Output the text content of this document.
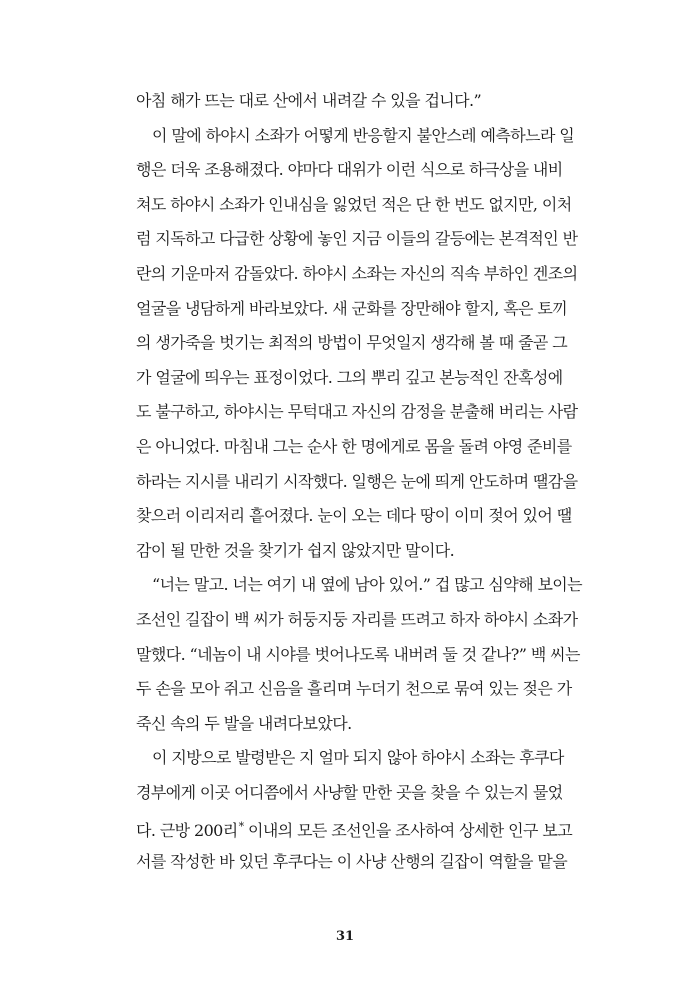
아침 해가 뜨는 대로 산에서 내려갈 수 있을 겁니다.”
이 말에 하야시 소좌가 어떻게 반응할지 불안스레 예측하느라 일
행은 더욱 조용해졌다. 야마다 대위가 이런 식으로 하극상을 내비
쳐도 하야시 소좌가 인내심을 잃었던 적은 단 한 번도 없지만, 이처
럼 지독하고 다급한 상황에 놓인 지금 이들의 갈등에는 본격적인 반
란의 기운마저 감돌았다. 하야시 소좌는 자신의 직속 부하인 겐조의
얼굴을 냉담하게 바라보았다. 새 군화를 장만해야 할지, 혹은 토끼
의 생가죽을 벗기는 최적의 방법이 무엇일지 생각해 볼 때 줄곧 그
가 얼굴에 띄우는 표정이었다. 그의 뿌리 깊고 본능적인 잔혹성에
도 불구하고, 하야시는 무턱대고 자신의 감정을 분출해 버리는 사람
은 아니었다. 마침내 그는 순사 한 명에게로 몸을 돌려 야영 준비를
하라는 지시를 내리기 시작했다. 일행은 눈에 띄게 안도하며 땔감을
찾으러 이리저리 흩어졌다. 눈이 오는 데다 땅이 이미 젖어 있어 땔
감이 될 만한 것을 찾기가 쉽지 않았지만 말이다.
“너는 말고. 너는 여기 내 옆에 남아 있어.” 겁 많고 심약해 보이는
조선인 길잡이 백 씨가 허둥지둥 자리를 뜨려고 하자 하야시 소좌가
말했다. “네놈이 내 시야를 벗어나도록 내버려 둘 것 같나?” 백 씨는
두 손을 모아 쥐고 신음을 흘리며 누더기 천으로 묶여 있는 젖은 가
죽신 속의 두 발을 내려다보았다.
이 지방으로 발령받은 지 얼마 되지 않아 하야시 소좌는 후쿠다
경부에게 이곳 어디쯤에서 사냥할 만한 곳을 찾을 수 있는지 물었
다. 근방 200리* 이내의 모든 조선인을 조사하여 상세한 인구 보고
서를 작성한 바 있던 후쿠다는 이 사냥 산행의 길잡이 역할을 맡을
31
